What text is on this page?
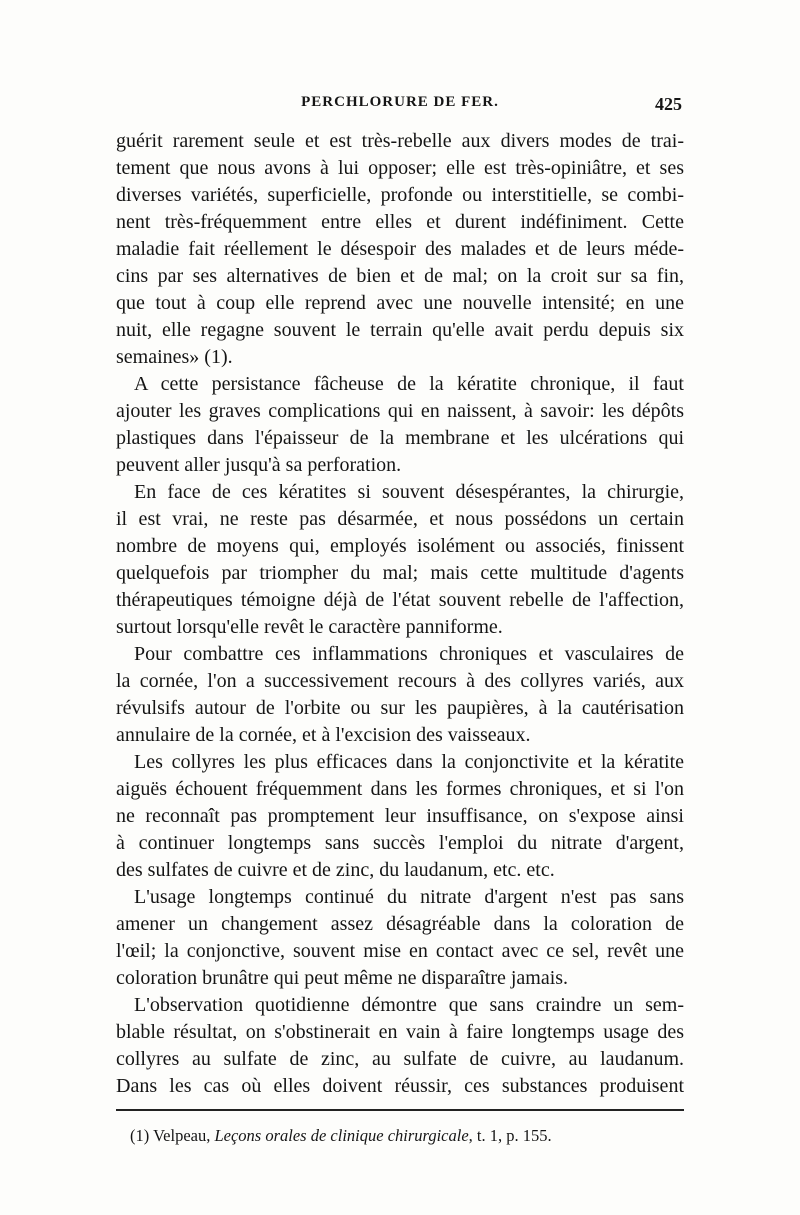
PERCHLORURE DE FER.	425
guérit rarement seule et est très-rebelle aux divers modes de trai-
tement que nous avons à lui opposer; elle est très-opiniâtre, et ses
diverses variétés, superficielle, profonde ou interstitielle, se combi-
nent très-fréquemment entre elles et durent indéfiniment. Cette
maladie fait réellement le désespoir des malades et de leurs méde-
cins par ses alternatives de bien et de mal; on la croit sur sa fin,
que tout à coup elle reprend avec une nouvelle intensité; en une
nuit, elle regagne souvent le terrain qu'elle avait perdu depuis six
semaines» (1).
A cette persistance fâcheuse de la kératite chronique, il faut
ajouter les graves complications qui en naissent, à savoir: les dépôts
plastiques dans l'épaisseur de la membrane et les ulcérations qui
peuvent aller jusqu'à sa perforation.
En face de ces kératites si souvent désespérantes, la chirurgie,
il est vrai, ne reste pas désarmée, et nous possédons un certain
nombre de moyens qui, employés isolément ou associés, finissent
quelquefois par triompher du mal; mais cette multitude d'agents
thérapeutiques témoigne déjà de l'état souvent rebelle de l'affection,
surtout lorsqu'elle revêt le caractère panniforme.
Pour combattre ces inflammations chroniques et vasculaires de
la cornée, l'on a successivement recours à des collyres variés, aux
révulsifs autour de l'orbite ou sur les paupières, à la cautérisation
annulaire de la cornée, et à l'excision des vaisseaux.
Les collyres les plus efficaces dans la conjonctivite et la kératite
aiguës échouent fréquemment dans les formes chroniques, et si l'on
ne reconnaît pas promptement leur insuffisance, on s'expose ainsi
à continuer longtemps sans succès l'emploi du nitrate d'argent,
des sulfates de cuivre et de zinc, du laudanum, etc. etc.
L'usage longtemps continué du nitrate d'argent n'est pas sans
amener un changement assez désagréable dans la coloration de
l'œil; la conjonctive, souvent mise en contact avec ce sel, revêt une
coloration brunâtre qui peut même ne disparaître jamais.
L'observation quotidienne démontre que sans craindre un sem-
blable résultat, on s'obstinerait en vain à faire longtemps usage des
collyres au sulfate de zinc, au sulfate de cuivre, au laudanum.
Dans les cas où elles doivent réussir, ces substances produisent
(1) Velpeau, Leçons orales de clinique chirurgicale, t. 1, p. 155.
